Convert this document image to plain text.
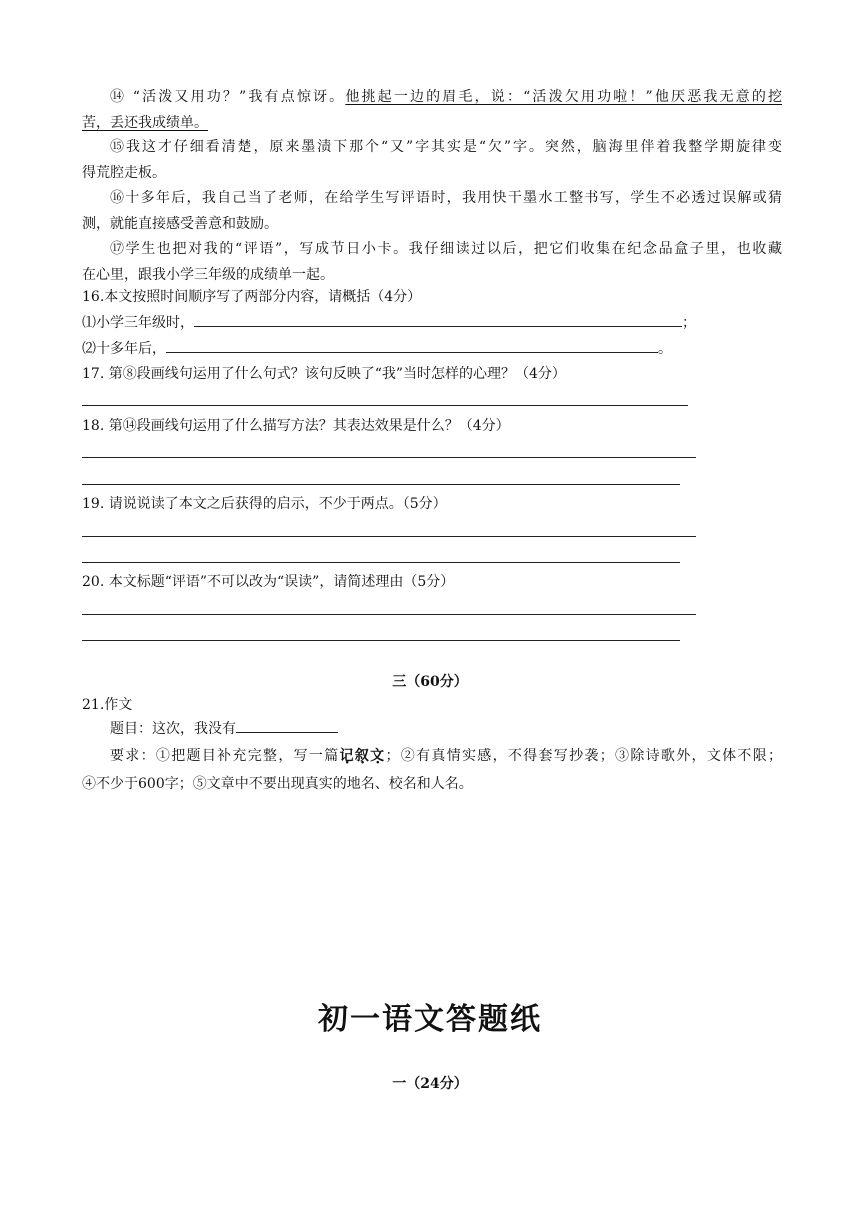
⑭ “活泼又用功？”我有点惊讶。他挑起一边的眉毛，说：“活泼欠用功啦！”他厌恶我无意的挖
苦，丢还我成绩单。
⑮我这才仔细看清楚，原来墨渍下那个“又”字其实是“欠”字。突然，脑海里伴着我整学期旋律变
得荒腔走板。
⑯十多年后，我自己当了老师，在给学生写评语时，我用快干墨水工整书写，学生不必透过误解或猜
测，就能直接感受善意和鼓励。
⑰学生也把对我的“评语”，写成节日小卡。我仔细读过以后，把它们收集在纪念品盒子里，也收藏
在心里，跟我小学三年级的成绩单一起。
16.本文按照时间顺序写了两部分内容，请概括（4分）
⑴小学三年级时，	；
⑵十多年后，	。
17. 第⑧段画线句运用了什么句式？该句反映了“我”当时怎样的心理？（4分）
18. 第⑭段画线句运用了什么描写方法？其表达效果是什么？（4分）
19. 请说说读了本文之后获得的启示，不少于两点。（5分）
20. 本文标题“评语”不可以改为“误读”，请简述理由（5分）
三（60分）
21.作文
题目：这次，我没有
要求：①把题目补充完整，写一篇记叙文；②有真情实感，不得套写抄袭；③除诗歌外，文体不限；
④不少于600字；⑤文章中不要出现真实的地名、校名和人名。
初一语文答题纸
一（24分）
